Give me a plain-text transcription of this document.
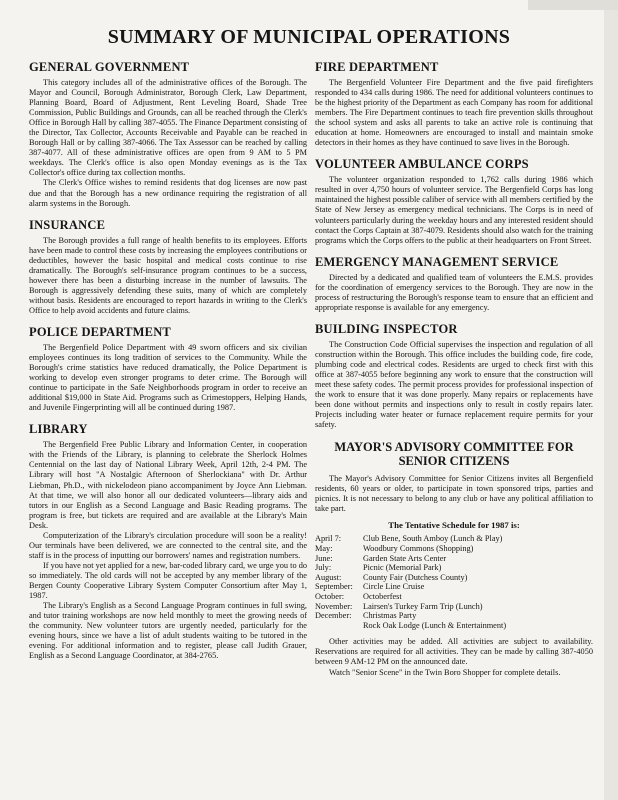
SUMMARY OF MUNICIPAL OPERATIONS
GENERAL GOVERNMENT

This category includes all of the administrative offices of the Borough. The Mayor and Council, Borough Administrator, Borough Clerk, Law Department, Planning Board, Board of Adjustment, Rent Leveling Board, Shade Tree Commission, Public Buildings and Grounds, can all be reached through the Clerk's Office in Borough Hall by calling 387-4055. The Finance Department consisting of the Director, Tax Collector, Accounts Receivable and Payable can be reached in Borough Hall or by calling 387-4066. The Tax Assessor can be reached by calling 387-4077. All of these administrative offices are open from 9 AM to 5 PM weekdays. The Clerk's office is also open Monday evenings as is the Tax Collector's office during tax collection months.

The Clerk's Office wishes to remind residents that dog licenses are now past due and that the Borough has a new ordinance requiring the registration of all alarm systems in the Borough.

INSURANCE

The Borough provides a full range of health benefits to its employees. Efforts have been made to control these costs by increasing the employees contributions or deductibles, however the basic hospital and medical costs continue to rise dramatically. The Borough's self-insurance program continues to be a success, however there has been a disturbing increase in the number of lawsuits. The Borough is aggressively defending these suits, many of which are completely without basis. Residents are encouraged to report hazards in writing to the Clerk's Office to help avoid accidents and future claims.

POLICE DEPARTMENT

The Bergenfield Police Department with 49 sworn officers and six civilian employees continues its long tradition of services to the Community. While the Borough's crime statistics have reduced dramatically, the Police Department is working to develop even stronger programs to deter crime. The Borough will continue to participate in the Safe Neighborhoods program in order to receive an additional $19,000 in State Aid. Programs such as Crimestoppers, Helping Hands, and Juvenile Fingerprinting will all be continued during 1987.

LIBRARY

The Bergenfield Free Public Library and Information Center, in cooperation with the Friends of the Library, is planning to celebrate the Sherlock Holmes Centennial on the last day of National Library Week, April 12th, 2-4 PM. The Library will host "A Nostalgic Afternoon of Sherlockiana" with Dr. Arthur Liebman, Ph.D., with nickelodeon piano accompaniment by Joyce Ann Liebman. At that time, we will also honor all our dedicated volunteers—library aids and tutors in our English as a Second Language and Basic Reading programs. The program is free, but tickets are required and are available at the Library's Main Desk.

Computerization of the Library's circulation procedure will soon be a reality! Our terminals have been delivered, we are connected to the central site, and the staff is in the process of inputting our borrowers' names and registration numbers.

If you have not yet applied for a new, bar-coded library card, we urge you to do so immediately. The old cards will not be accepted by any member library of the Bergen County Cooperative Library System Computer Consortium after May 1, 1987.

The Library's English as a Second Language Program continues in full swing, and tutor training workshops are now held monthly to meet the growing needs of the community. New volunteer tutors are urgently needed, particularly for the evening hours, since we have a list of adult students waiting to be tutored in the evening. For additional information and to register, please call Judith Grauer, English as a Second Language Coordinator, at 384-2765.

FIRE DEPARTMENT

The Bergenfield Volunteer Fire Department and the five paid firefighters responded to 434 calls during 1986. The need for additional volunteers continues to be the highest priority of the Department as each Company has room for additional members. The Fire Department continues to teach fire prevention skills throughout the school system and asks all parents to take an active role is continuing that education at home. Homeowners are encouraged to install and maintain smoke detectors in their homes as they have continued to save lives in the Borough.

VOLUNTEER AMBULANCE CORPS

The volunteer organization responded to 1,762 calls during 1986 which resulted in over 4,750 hours of volunteer service. The Bergenfield Corps has long maintained the highest possible caliber of service with all members certified by the State of New Jersey as emergency medical technicians. The Corps is in need of volunteers particularly during the weekday hours and any interested resident should contact the Corps Captain at 387-4079. Residents should also watch for the training programs which the Corps offers to the public at their headquarters on Front Street.

EMERGENCY MANAGEMENT SERVICE

Directed by a dedicated and qualified team of volunteers the E.M.S. provides for the coordination of emergency services to the Borough. They are now in the process of restructuring the Borough's response team to ensure that an efficient and appropriate response is available for any emergency.

BUILDING INSPECTOR

The Construction Code Official supervises the inspection and regulation of all construction within the Borough. This office includes the building code, fire code, plumbing code and electrical codes. Residents are urged to check first with this office at 387-4055 before beginning any work to ensure that the construction will meet these safety codes. The permit process provides for professional inspection of the work to ensure that it was done properly. Many repairs or replacements have been done without permits and inspections only to result in costly repairs later. Projects including water heater or furnace replacement require permits for your safety.

MAYOR'S ADVISORY COMMITTEE FOR
SENIOR CITIZENS

The Mayor's Advisory Committee for Senior Citizens invites all Bergenfield residents, 60 years or older, to participate in town sponsored trips, parties and picnics. It is not necessary to belong to any club or have any political affiliation to take part.

The Tentative Schedule for 1987 is:
April 7:	Club Bene, South Amboy (Lunch & Play)
May:	Woodbury Commons (Shopping)
June:	Garden State Arts Center
July:	Picnic (Memorial Park)
August:	County Fair (Dutchess County)
September:	Circle Line Cruise
October:	Octoberfest
November:	Lairsen's Turkey Farm Trip (Lunch)
December:	Christmas Party
	Rock Oak Lodge (Lunch & Entertainment)

Other activities may be added. All activities are subject to availability. Reservations are required for all activities. They can be made by calling 387-4050 between 9 AM-12 PM on the announced date.

Watch "Senior Scene" in the Twin Boro Shopper for complete details.
